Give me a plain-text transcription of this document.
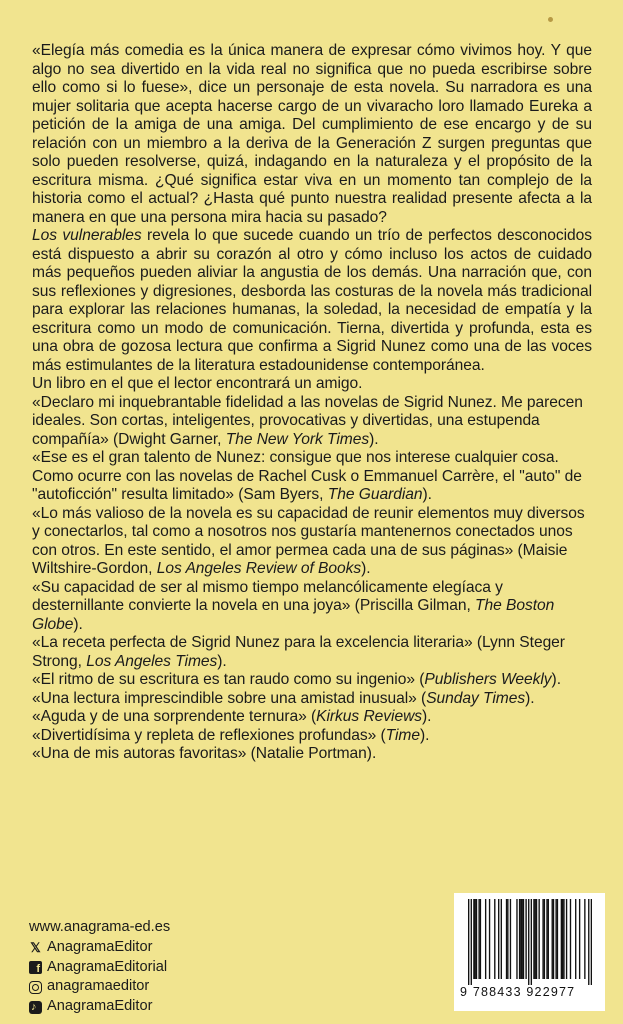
«Elegía más comedia es la única manera de expresar cómo vivimos hoy. Y que algo no sea divertido en la vida real no significa que no pueda escribirse sobre ello como si lo fuese», dice un personaje de esta novela. Su narradora es una mujer solitaria que acepta hacerse cargo de un vivaracho loro llamado Eureka a petición de la amiga de una amiga. Del cumplimiento de ese encargo y de su relación con un miembro a la deriva de la Generación Z surgen preguntas que solo pueden resolverse, quizá, indagando en la naturaleza y el propósito de la escritura misma. ¿Qué significa estar viva en un momento tan complejo de la historia como el actual? ¿Hasta qué punto nuestra realidad presente afecta a la manera en que una persona mira hacia su pasado?

Los vulnerables revela lo que sucede cuando un trío de perfectos desconocidos está dispuesto a abrir su corazón al otro y cómo incluso los actos de cuidado más pequeños pueden aliviar la angustia de los demás. Una narración que, con sus reflexiones y digresiones, desborda las costuras de la novela más tradicional para explorar las relaciones humanas, la soledad, la necesidad de empatía y la escritura como un modo de comunicación. Tierna, divertida y profunda, esta es una obra de gozosa lectura que confirma a Sigrid Nunez como una de las voces más estimulantes de la literatura estadounidense contemporánea.

Un libro en el que el lector encontrará un amigo.

«Declaro mi inquebrantable fidelidad a las novelas de Sigrid Nunez. Me parecen ideales. Son cortas, inteligentes, provocativas y divertidas, una estupenda compañía» (Dwight Garner, The New York Times).

«Ese es el gran talento de Nunez: consigue que nos interese cualquier cosa. Como ocurre con las novelas de Rachel Cusk o Emmanuel Carrère, el "auto" de "autoficción" resulta limitado» (Sam Byers, The Guardian).

«Lo más valioso de la novela es su capacidad de reunir elementos muy diversos y conectarlos, tal como a nosotros nos gustaría mantenernos conectados unos con otros. En este sentido, el amor permea cada una de sus páginas» (Maisie Wiltshire-Gordon, Los Angeles Review of Books).

«Su capacidad de ser al mismo tiempo melancólicamente elegíaca y desternillante convierte la novela en una joya» (Priscilla Gilman, The Boston Globe).

«La receta perfecta de Sigrid Nunez para la excelencia literaria» (Lynn Steger Strong, Los Angeles Times).

«El ritmo de su escritura es tan raudo como su ingenio» (Publishers Weekly).

«Una lectura imprescindible sobre una amistad inusual» (Sunday Times).

«Aguda y de una sorprendente ternura» (Kirkus Reviews).

«Divertidísima y repleta de reflexiones profundas» (Time).

«Una de mis autoras favoritas» (Natalie Portman).

www.anagrama-ed.es
𝕏 AnagramaEditor
f
AnagramaEditorial
anagramaeditor
♪
AnagramaEditor
9 788433 922977
